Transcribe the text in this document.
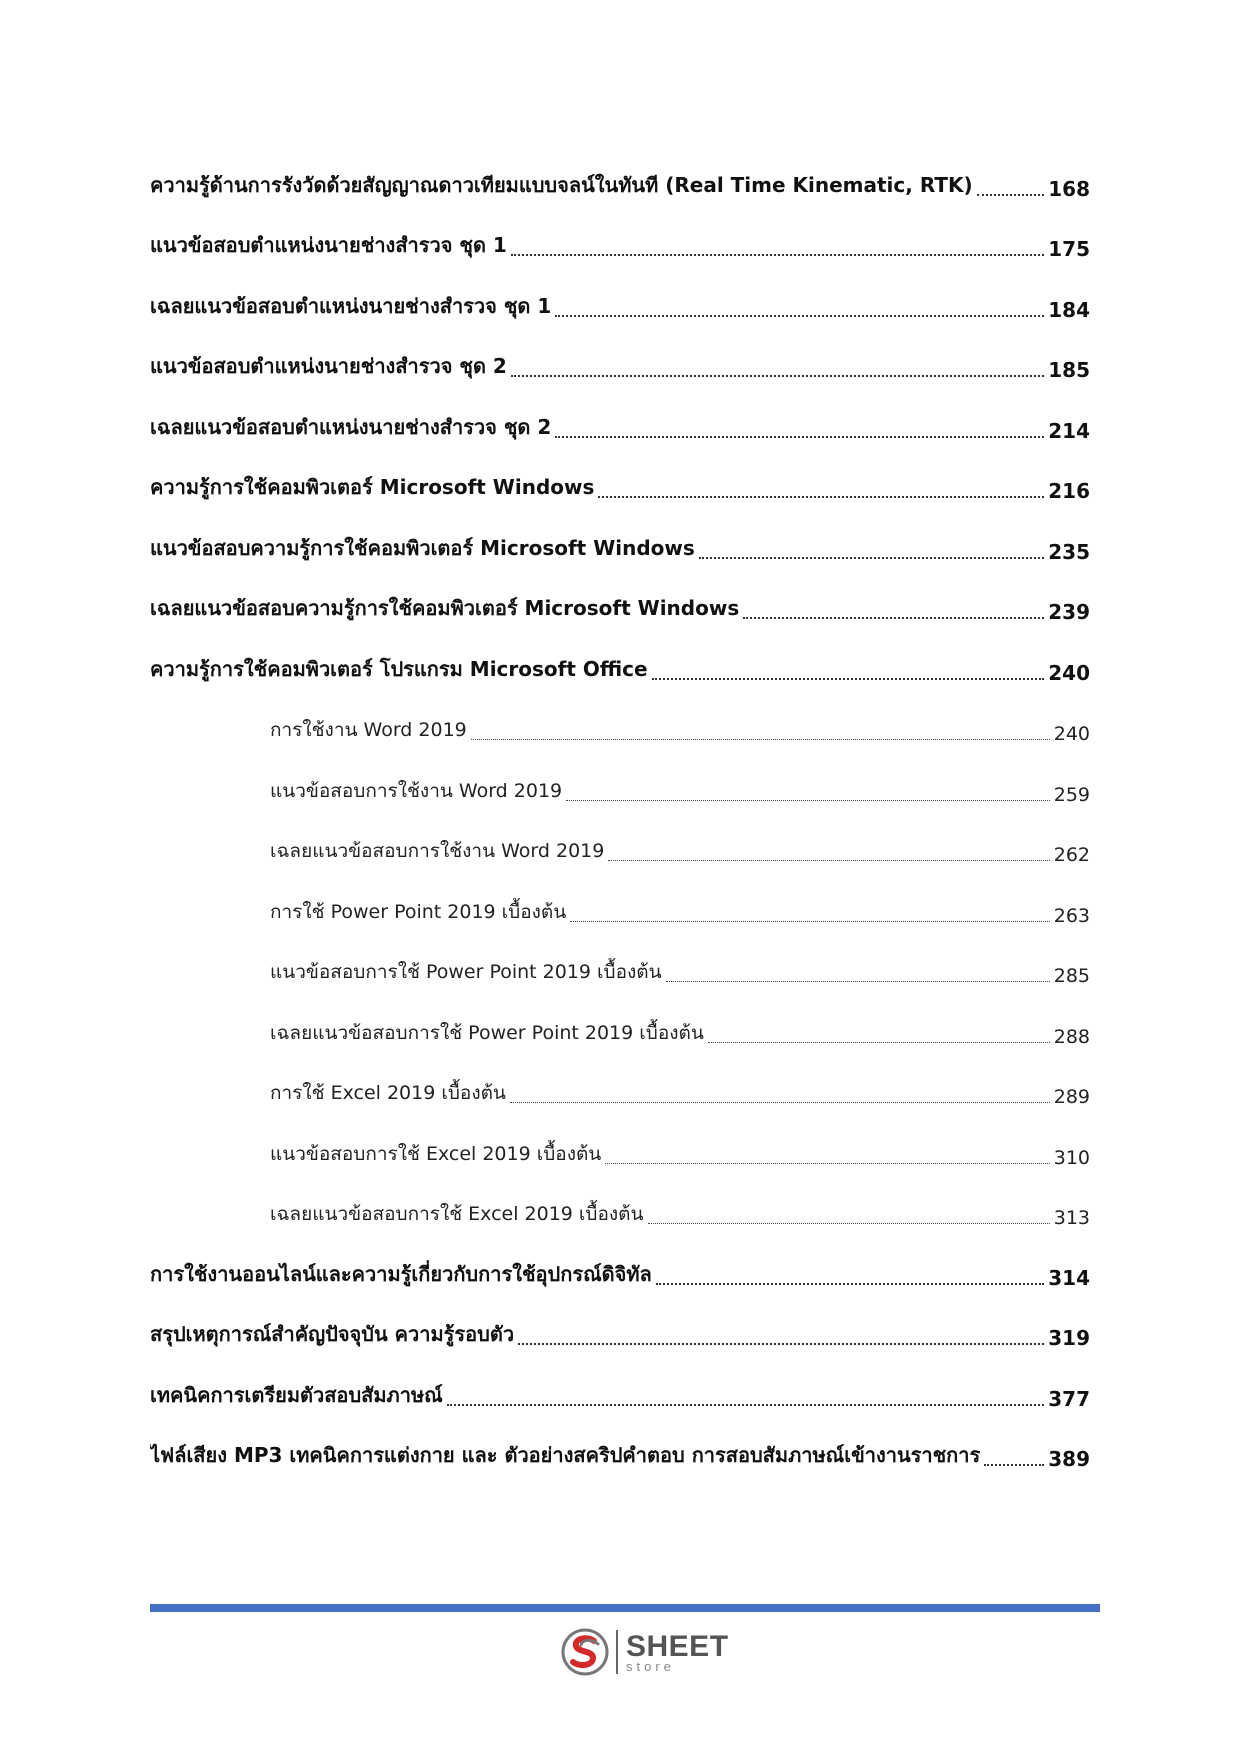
ความรู้ด้านการรังวัดด้วยสัญญาณดาวเทียมแบบจลน์ในทันที (Real Time Kinematic, RTK)	168
แนวข้อสอบตำแหน่งนายช่างสำรวจ ชุด 1	175
เฉลยแนวข้อสอบตำแหน่งนายช่างสำรวจ ชุด 1	184
แนวข้อสอบตำแหน่งนายช่างสำรวจ ชุด 2	185
เฉลยแนวข้อสอบตำแหน่งนายช่างสำรวจ ชุด 2	214
ความรู้การใช้คอมพิวเตอร์ Microsoft Windows	216
แนวข้อสอบความรู้การใช้คอมพิวเตอร์ Microsoft Windows	235
เฉลยแนวข้อสอบความรู้การใช้คอมพิวเตอร์ Microsoft Windows	239
ความรู้การใช้คอมพิวเตอร์ โปรแกรม Microsoft Office	240
การใช้งาน Word 2019	240
แนวข้อสอบการใช้งาน Word 2019	259
เฉลยแนวข้อสอบการใช้งาน Word 2019	262
การใช้ Power Point 2019 เบื้องต้น	263
แนวข้อสอบการใช้ Power Point 2019 เบื้องต้น	285
เฉลยแนวข้อสอบการใช้ Power Point 2019 เบื้องต้น	288
การใช้ Excel 2019 เบื้องต้น	289
แนวข้อสอบการใช้ Excel 2019 เบื้องต้น	310
เฉลยแนวข้อสอบการใช้ Excel 2019 เบื้องต้น	313
การใช้งานออนไลน์และความรู้เกี่ยวกับการใช้อุปกรณ์ดิจิทัล	314
สรุปเหตุการณ์สำคัญปัจจุบัน ความรู้รอบตัว	319
เทคนิคการเตรียมตัวสอบสัมภาษณ์	377
ไฟล์เสียง MP3 เทคนิคการแต่งกาย และ ตัวอย่างสคริปคำตอบ การสอบสัมภาษณ์เข้างานราชการ	389
SHEET
store
